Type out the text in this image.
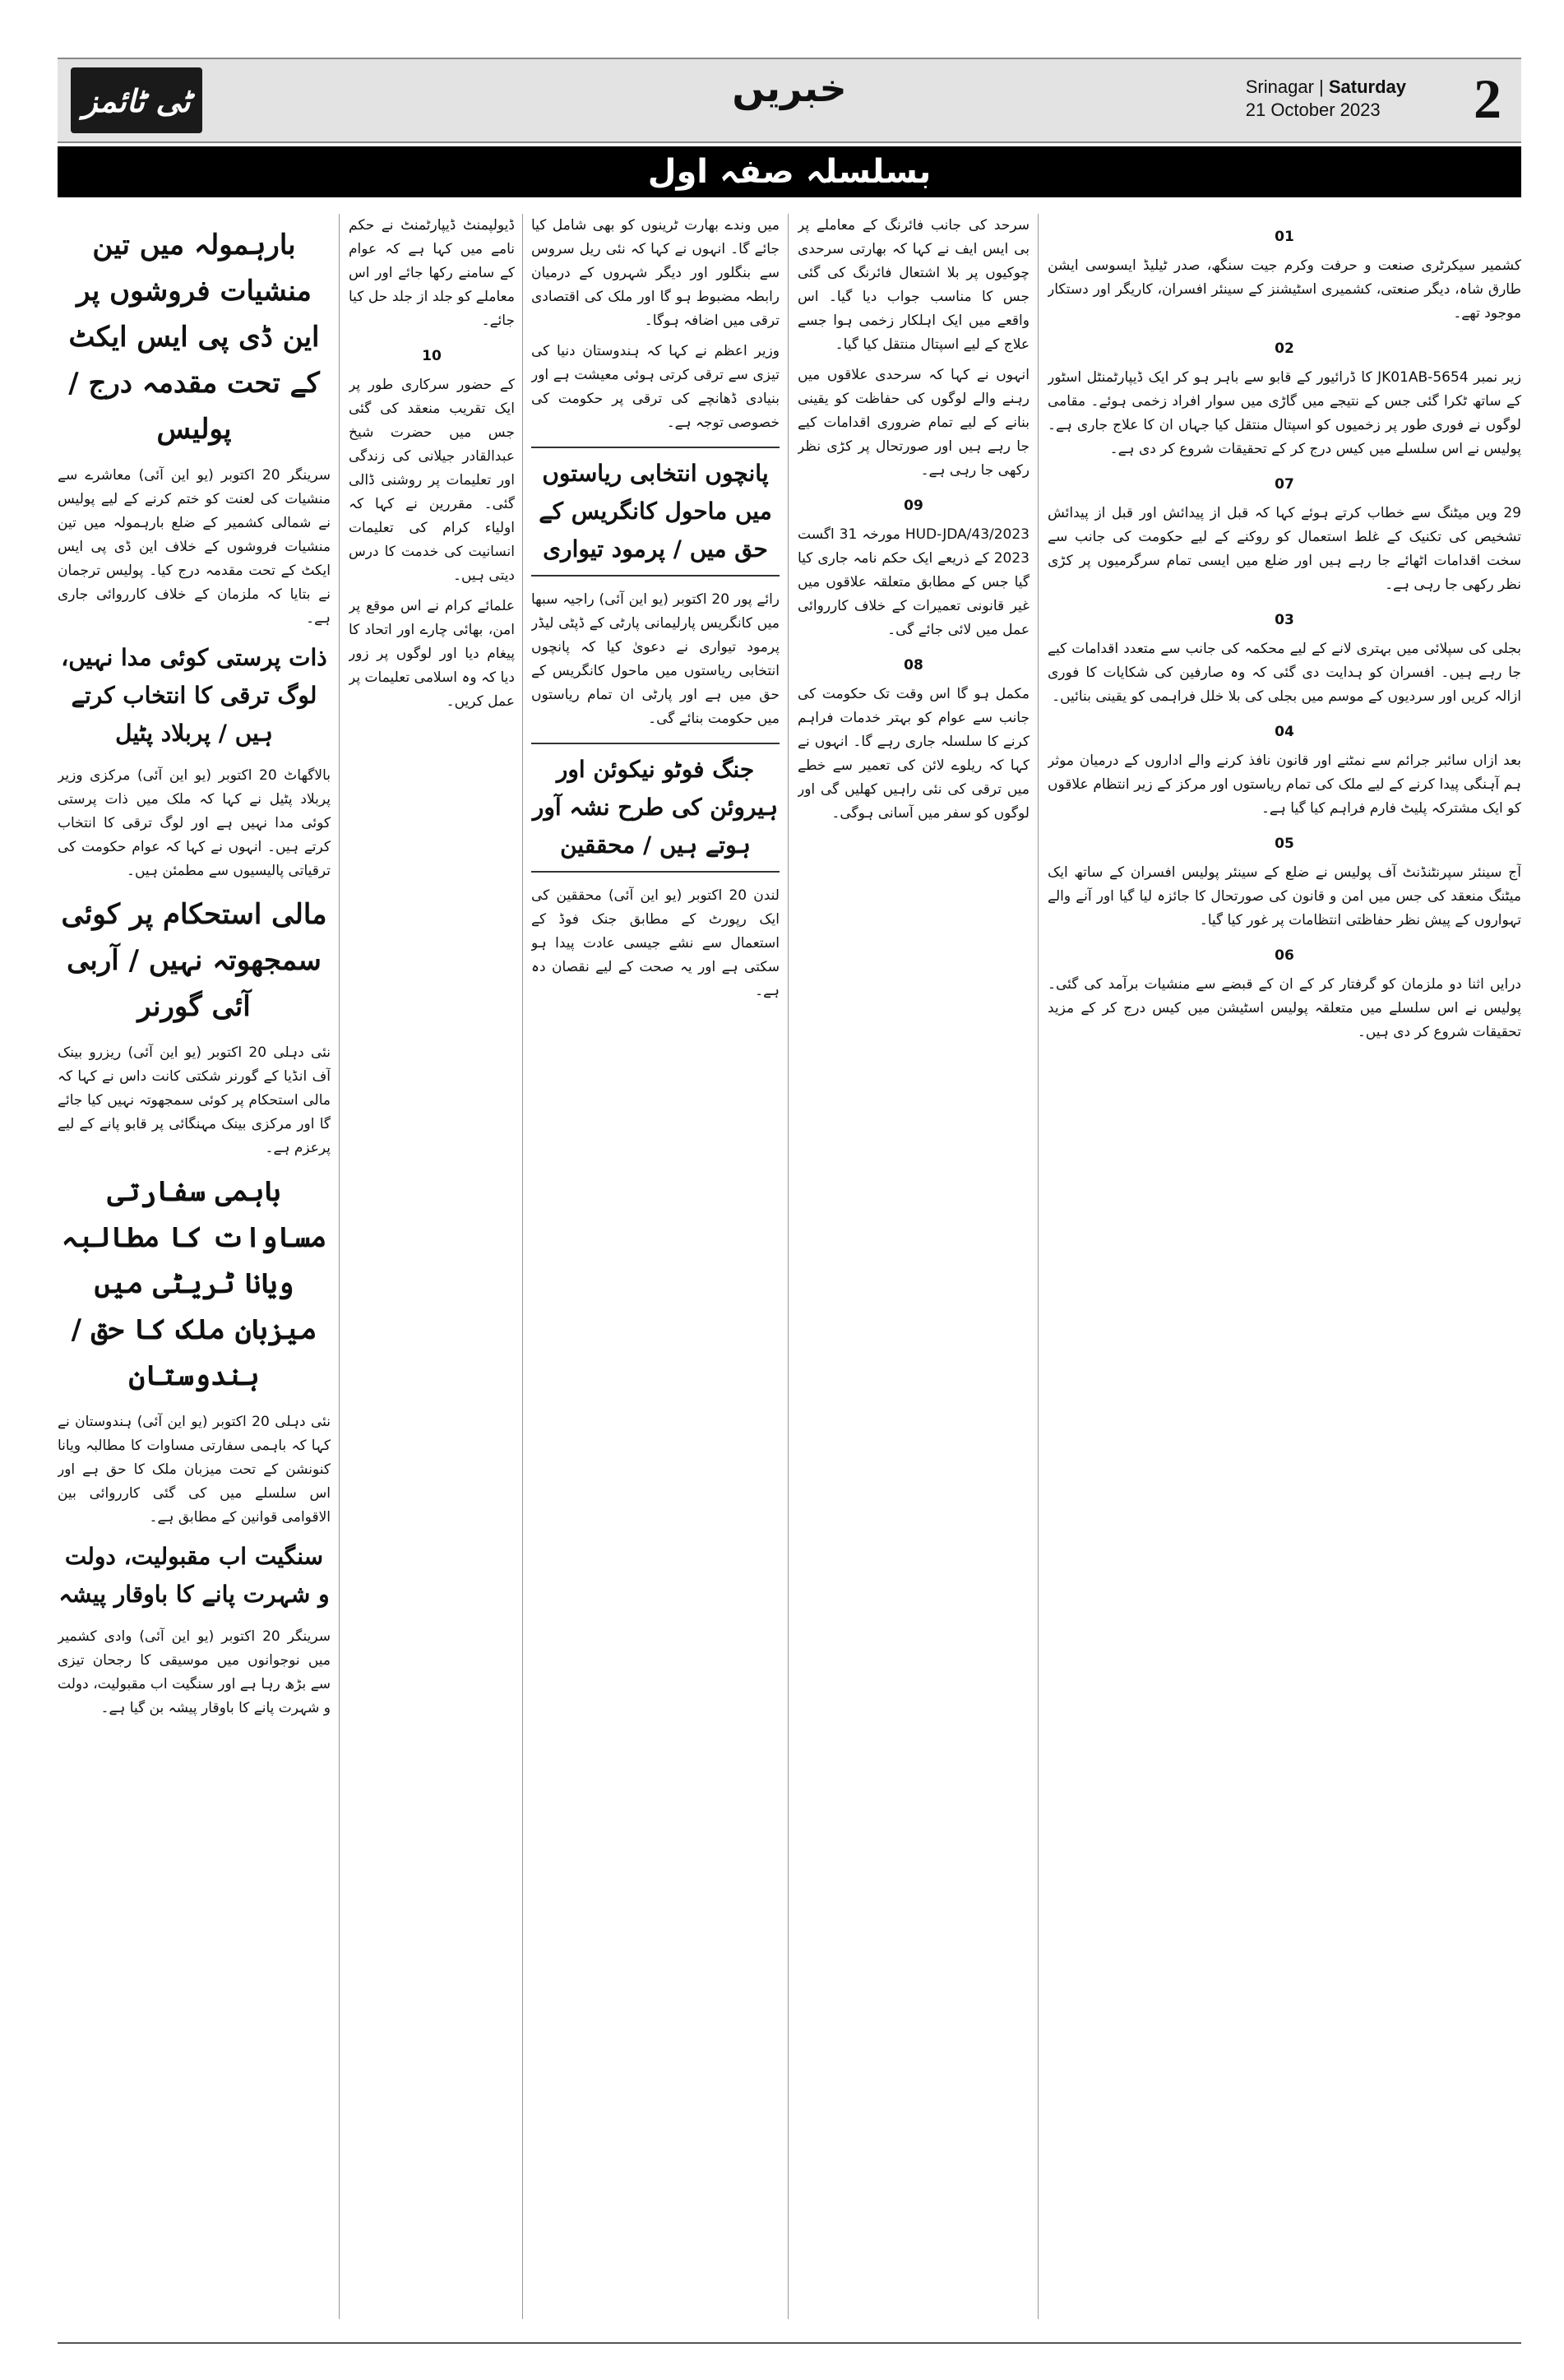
ٹی ٹائمز	خبریں	Srinagar | Saturday
21 October 2023	2
بسلسلہ صفہ اول
01

کشمیر سیکرٹری صنعت و حرفت وکرم جیت سنگھ، صدر ٹیلیڈ ایسوسی ایشن طارق شاہ، دیگر صنعتی، کشمیری اسٹیشنز کے سینئر افسران، کاریگر اور دستکار موجود تھے۔

02

زیر نمبر JK01AB-5654 کا ڈرائیور کے قابو سے باہر ہو کر ایک ڈیپارٹمنٹل اسٹور کے ساتھ ٹکرا گئی جس کے نتیجے میں گاڑی میں سوار افراد زخمی ہوئے۔ مقامی لوگوں نے فوری طور پر زخمیوں کو اسپتال منتقل کیا جہاں ان کا علاج جاری ہے۔ پولیس نے اس سلسلے میں کیس درج کر کے تحقیقات شروع کر دی ہے۔

07

29 ویں میٹنگ سے خطاب کرتے ہوئے کہا کہ قبل از پیدائش اور قبل از پیدائش تشخیص کی تکنیک کے غلط استعمال کو روکنے کے لیے حکومت کی جانب سے سخت اقدامات اٹھائے جا رہے ہیں اور ضلع میں ایسی تمام سرگرمیوں پر کڑی نظر رکھی جا رہی ہے۔

03

بجلی کی سپلائی میں بہتری لانے کے لیے محکمہ کی جانب سے متعدد اقدامات کیے جا رہے ہیں۔ افسران کو ہدایت دی گئی کہ وہ صارفین کی شکایات کا فوری ازالہ کریں اور سردیوں کے موسم میں بجلی کی بلا خلل فراہمی کو یقینی بنائیں۔

04

بعد ازاں سائبر جرائم سے نمٹنے اور قانون نافذ کرنے والے اداروں کے درمیان موثر ہم آہنگی پیدا کرنے کے لیے ملک کی تمام ریاستوں اور مرکز کے زیر انتظام علاقوں کو ایک مشترکہ پلیٹ فارم فراہم کیا گیا ہے۔

05

آج سینئر سپرنٹنڈنٹ آف پولیس نے ضلع کے سینئر پولیس افسران کے ساتھ ایک میٹنگ منعقد کی جس میں امن و قانون کی صورتحال کا جائزہ لیا گیا اور آنے والے تہواروں کے پیش نظر حفاظتی انتظامات پر غور کیا گیا۔

06

درایں اثنا دو ملزمان کو گرفتار کر کے ان کے قبضے سے منشیات برآمد کی گئی۔ پولیس نے اس سلسلے میں متعلقہ پولیس اسٹیشن میں کیس درج کر کے مزید تحقیقات شروع کر دی ہیں۔

سرحد کی جانب فائرنگ کے معاملے پر بی ایس ایف نے کہا کہ بھارتی سرحدی چوکیوں پر بلا اشتعال فائرنگ کی گئی جس کا مناسب جواب دیا گیا۔ اس واقعے میں ایک اہلکار زخمی ہوا جسے علاج کے لیے اسپتال منتقل کیا گیا۔

انہوں نے کہا کہ سرحدی علاقوں میں رہنے والے لوگوں کی حفاظت کو یقینی بنانے کے لیے تمام ضروری اقدامات کیے جا رہے ہیں اور صورتحال پر کڑی نظر رکھی جا رہی ہے۔

09

HUD-JDA/43/2023 مورخہ 31 اگست 2023 کے ذریعے ایک حکم نامہ جاری کیا گیا جس کے مطابق متعلقہ علاقوں میں غیر قانونی تعمیرات کے خلاف کارروائی عمل میں لائی جائے گی۔

08

مکمل ہو گا اس وقت تک حکومت کی جانب سے عوام کو بہتر خدمات فراہم کرنے کا سلسلہ جاری رہے گا۔ انہوں نے کہا کہ ریلوے لائن کی تعمیر سے خطے میں ترقی کی نئی راہیں کھلیں گی اور لوگوں کو سفر میں آسانی ہوگی۔

میں وندے بھارت ٹرینوں کو بھی شامل کیا جائے گا۔ انہوں نے کہا کہ نئی ریل سروس سے بنگلور اور دیگر شہروں کے درمیان رابطہ مضبوط ہو گا اور ملک کی اقتصادی ترقی میں اضافہ ہوگا۔

وزیر اعظم نے کہا کہ ہندوستان دنیا کی تیزی سے ترقی کرتی ہوئی معیشت ہے اور بنیادی ڈھانچے کی ترقی پر حکومت کی خصوصی توجہ ہے۔

پانچوں انتخابی ریاستوں میں ماحول کانگریس کے حق میں / پرمود تیواری

رائے پور 20 اکتوبر (یو این آئی) راجیہ سبھا میں کانگریس پارلیمانی پارٹی کے ڈپٹی لیڈر پرمود تیواری نے دعویٰ کیا کہ پانچوں انتخابی ریاستوں میں ماحول کانگریس کے حق میں ہے اور پارٹی ان تمام ریاستوں میں حکومت بنائے گی۔

جنگ فوٹو نیکوئن اور ہیروئن کی طرح نشہ آور ہوتے ہیں / محققین

لندن 20 اکتوبر (یو این آئی) محققین کی ایک رپورٹ کے مطابق جنک فوڈ کے استعمال سے نشے جیسی عادت پیدا ہو سکتی ہے اور یہ صحت کے لیے نقصان دہ ہے۔

ڈیولپمنٹ ڈیپارٹمنٹ نے حکم نامے میں کہا ہے کہ عوام کے سامنے رکھا جائے اور اس معاملے کو جلد از جلد حل کیا جائے۔

10

کے حضور سرکاری طور پر ایک تقریب منعقد کی گئی جس میں حضرت شیخ عبدالقادر جیلانی کی زندگی اور تعلیمات پر روشنی ڈالی گئی۔ مقررین نے کہا کہ اولیاء کرام کی تعلیمات انسانیت کی خدمت کا درس دیتی ہیں۔

علمائے کرام نے اس موقع پر امن، بھائی چارے اور اتحاد کا پیغام دیا اور لوگوں پر زور دیا کہ وہ اسلامی تعلیمات پر عمل کریں۔

بارہمولہ میں تین منشیات فروشوں پر این ڈی پی ایس ایکٹ کے تحت مقدمہ درج / پولیس

سرینگر 20 اکتوبر (یو این آئی) معاشرے سے منشیات کی لعنت کو ختم کرنے کے لیے پولیس نے شمالی کشمیر کے ضلع بارہمولہ میں تین منشیات فروشوں کے خلاف این ڈی پی ایس ایکٹ کے تحت مقدمہ درج کیا۔ پولیس ترجمان نے بتایا کہ ملزمان کے خلاف کارروائی جاری ہے۔

ذات پرستی کوئی مدا نہیں، لوگ ترقی کا انتخاب کرتے ہیں / پربلاد پٹیل

بالاگھاٹ 20 اکتوبر (یو این آئی) مرکزی وزیر پربلاد پٹیل نے کہا کہ ملک میں ذات پرستی کوئی مدا نہیں ہے اور لوگ ترقی کا انتخاب کرتے ہیں۔ انہوں نے کہا کہ عوام حکومت کی ترقیاتی پالیسیوں سے مطمئن ہیں۔

مالی استحکام پر کوئی سمجھوتہ نہیں / آربی آئی گورنر

نئی دہلی 20 اکتوبر (یو این آئی) ریزرو بینک آف انڈیا کے گورنر شکتی کانت داس نے کہا کہ مالی استحکام پر کوئی سمجھوتہ نہیں کیا جائے گا اور مرکزی بینک مہنگائی پر قابو پانے کے لیے پرعزم ہے۔

باہمی سفارتی مساوات کا مطالبہ ویانا ٹریٹی میں میزبان ملک کا حق / ہندوستان

نئی دہلی 20 اکتوبر (یو این آئی) ہندوستان نے کہا کہ باہمی سفارتی مساوات کا مطالبہ ویانا کنونشن کے تحت میزبان ملک کا حق ہے اور اس سلسلے میں کی گئی کارروائی بین الاقوامی قوانین کے مطابق ہے۔

سنگیت اب مقبولیت، دولت و شہرت پانے کا باوقار پیشہ

سرینگر 20 اکتوبر (یو این آئی) وادی کشمیر میں نوجوانوں میں موسیقی کا رجحان تیزی سے بڑھ رہا ہے اور سنگیت اب مقبولیت، دولت و شہرت پانے کا باوقار پیشہ بن گیا ہے۔
